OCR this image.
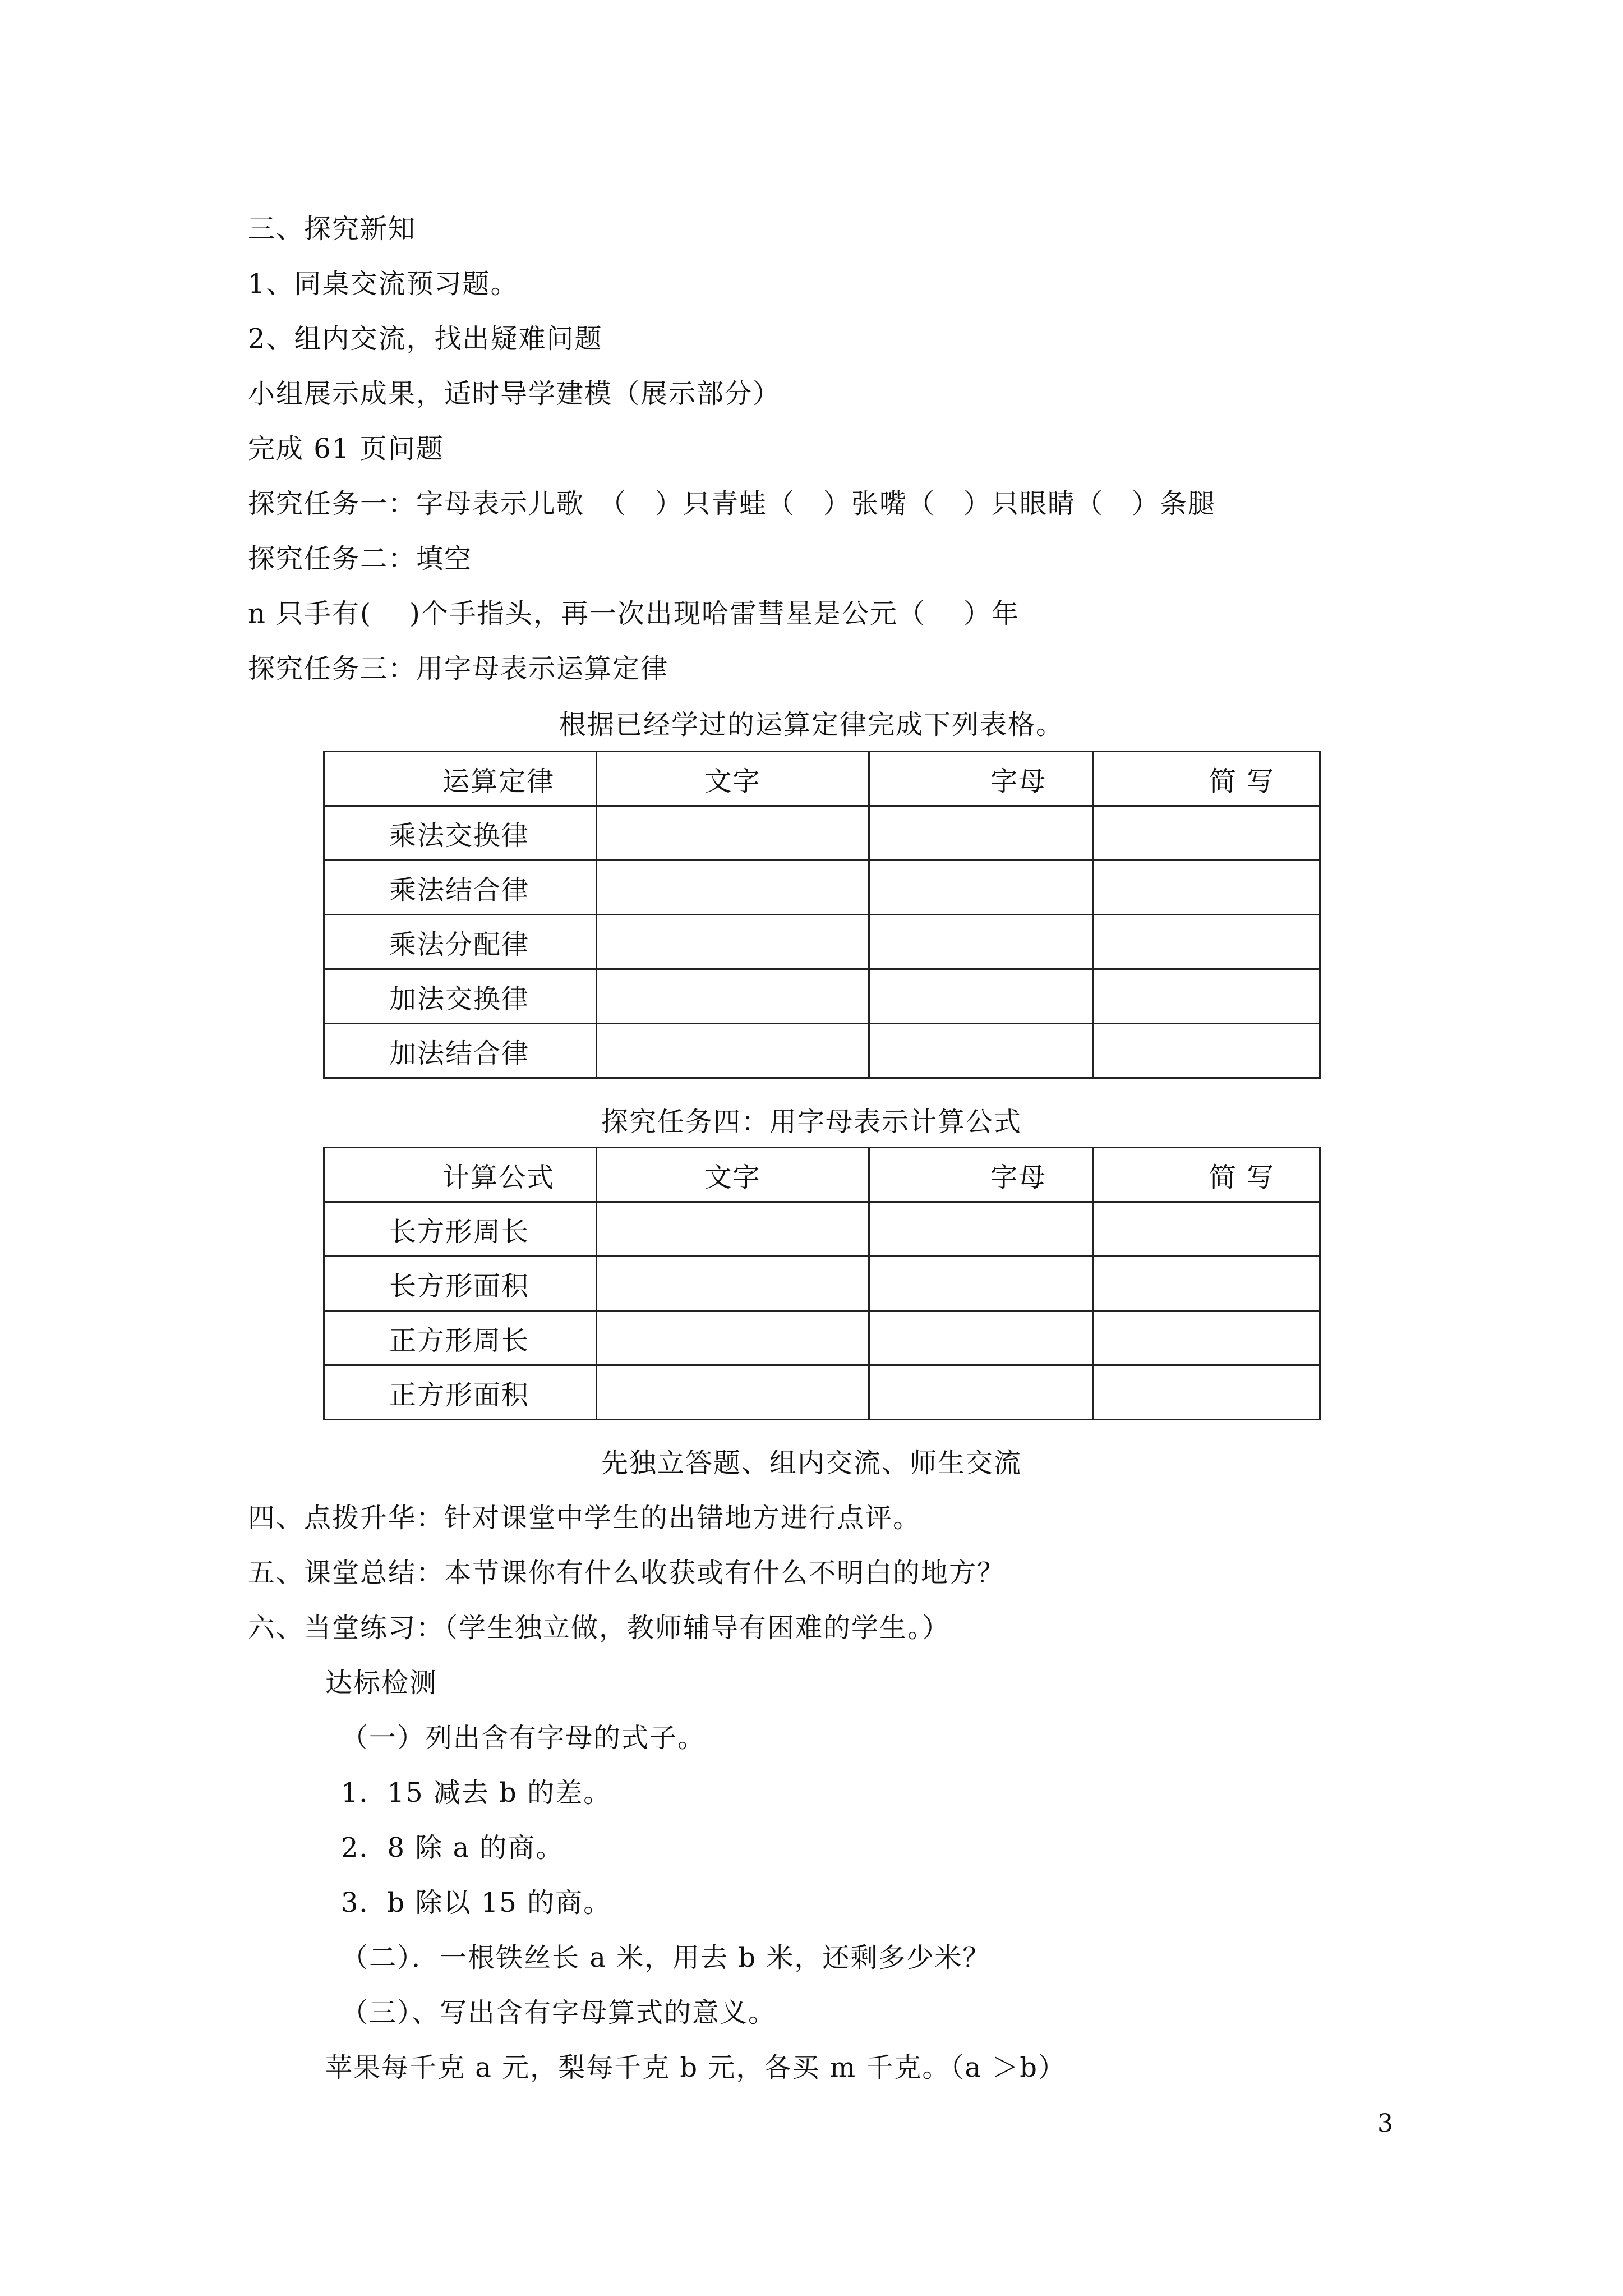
三、探究新知
1、同桌交流预习题。
2、组内交流，找出疑难问题
小组展示成果，适时导学建模（展示部分）
完成 61 页问题
探究任务一：字母表示儿歌　（　）只青蛙（　）张嘴（　）只眼睛（　）条腿
探究任务二：填空
n 只手有(　 )个手指头，再一次出现哈雷彗星是公元（　 ）年
探究任务三：用字母表示运算定律
根据已经学过的运算定律完成下列表格。
运算定律	文字	字母	简 写
乘法交换律			
乘法结合律			
乘法分配律			
加法交换律			
加法结合律			
探究任务四：用字母表示计算公式
计算公式	文字	字母	简 写
长方形周长			
长方形面积			
正方形周长			
正方形面积			
先独立答题、组内交流、师生交流
四、点拨升华：针对课堂中学生的出错地方进行点评。
五、课堂总结：本节课你有什么收获或有什么不明白的地方？
六、当堂练习：（学生独立做，教师辅导有困难的学生。）
达标检测
（一）列出含有字母的式子。
1．15 减去 b 的差。
2．8 除 a 的商。
3．b 除以 15 的商。
（二）．一根铁丝长 a 米，用去 b 米，还剩多少米？
（三）、写出含有字母算式的意义。
苹果每千克 a 元，梨每千克 b 元，各买 m 千克。（a ＞b）
3
